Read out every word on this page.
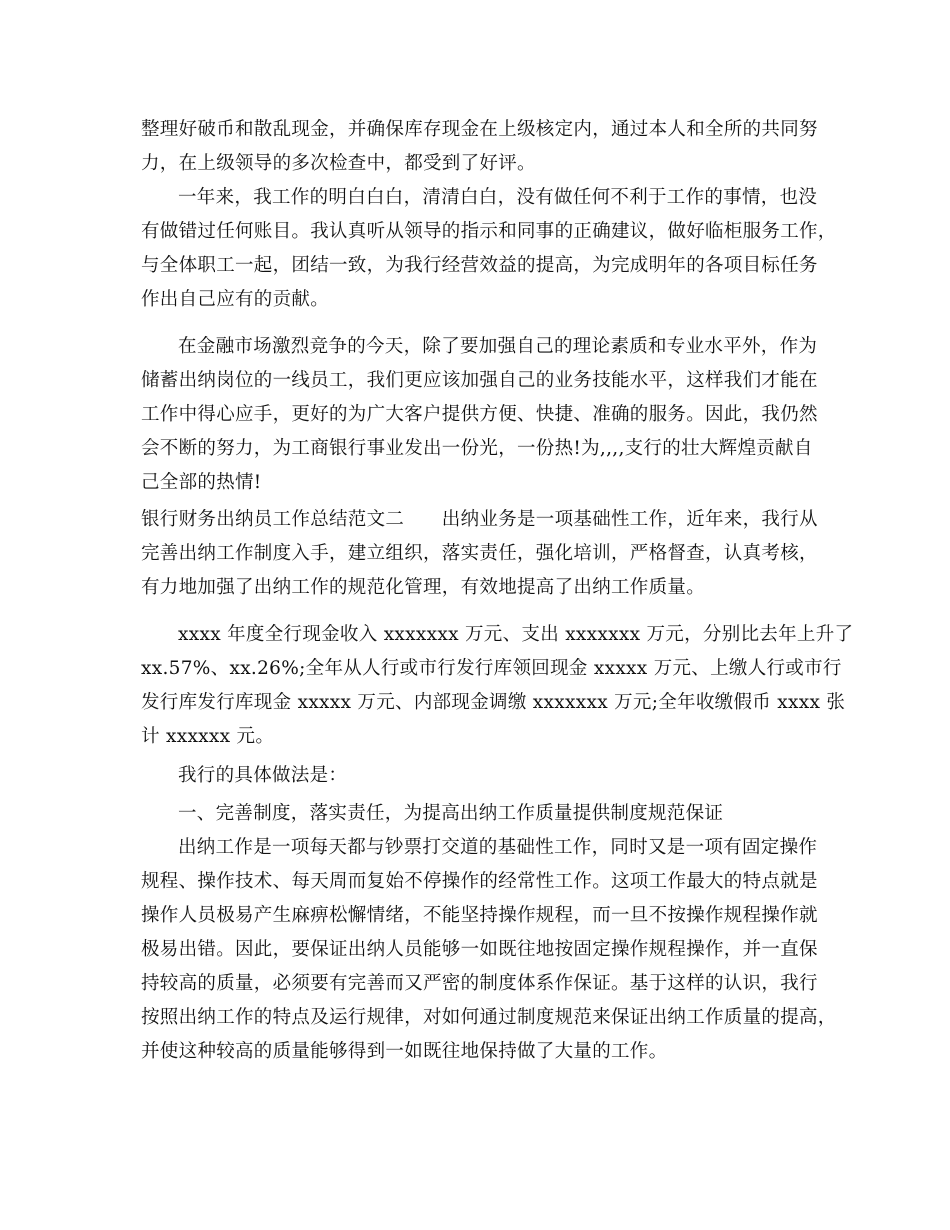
整理好破币和散乱现金，并确保库存现金在上级核定内，通过本人和全所的共同努
力，在上级领导的多次检查中，都受到了好评。
一年来，我工作的明白白白，清清白白，没有做任何不利于工作的事情，也没
有做错过任何账目。我认真听从领导的指示和同事的正确建议，做好临柜服务工作，
与全体职工一起，团结一致，为我行经营效益的提高，为完成明年的各项目标任务
作出自己应有的贡献。
在金融市场激烈竞争的今天，除了要加强自己的理论素质和专业水平外，作为
储蓄出纳岗位的一线员工，我们更应该加强自己的业务技能水平，这样我们才能在
工作中得心应手，更好的为广大客户提供方便、快捷、准确的服务。因此，我仍然
会不断的努力，为工商银行事业发出一份光，一份热!为,,,,支行的壮大辉煌贡献自
己全部的热情!
银行财务出纳员工作总结范文二　　出纳业务是一项基础性工作，近年来，我行从
完善出纳工作制度入手，建立组织，落实责任，强化培训，严格督查，认真考核，
有力地加强了出纳工作的规范化管理，有效地提高了出纳工作质量。
xxxx 年度全行现金收入 xxxxxxx 万元、支出 xxxxxxx 万元，分别比去年上升了
xx.57%、xx.26%;全年从人行或市行发行库领回现金 xxxxx 万元、上缴人行或市行
发行库发行库现金 xxxxx 万元、内部现金调缴 xxxxxxx 万元;全年收缴假币 xxxx 张
计 xxxxxx 元。
我行的具体做法是：
一、完善制度，落实责任，为提高出纳工作质量提供制度规范保证
出纳工作是一项每天都与钞票打交道的基础性工作，同时又是一项有固定操作
规程、操作技术、每天周而复始不停操作的经常性工作。这项工作最大的特点就是
操作人员极易产生麻痹松懈情绪，不能坚持操作规程，而一旦不按操作规程操作就
极易出错。因此，要保证出纳人员能够一如既往地按固定操作规程操作，并一直保
持较高的质量，必须要有完善而又严密的制度体系作保证。基于这样的认识，我行
按照出纳工作的特点及运行规律，对如何通过制度规范来保证出纳工作质量的提高，
并使这种较高的质量能够得到一如既往地保持做了大量的工作。
